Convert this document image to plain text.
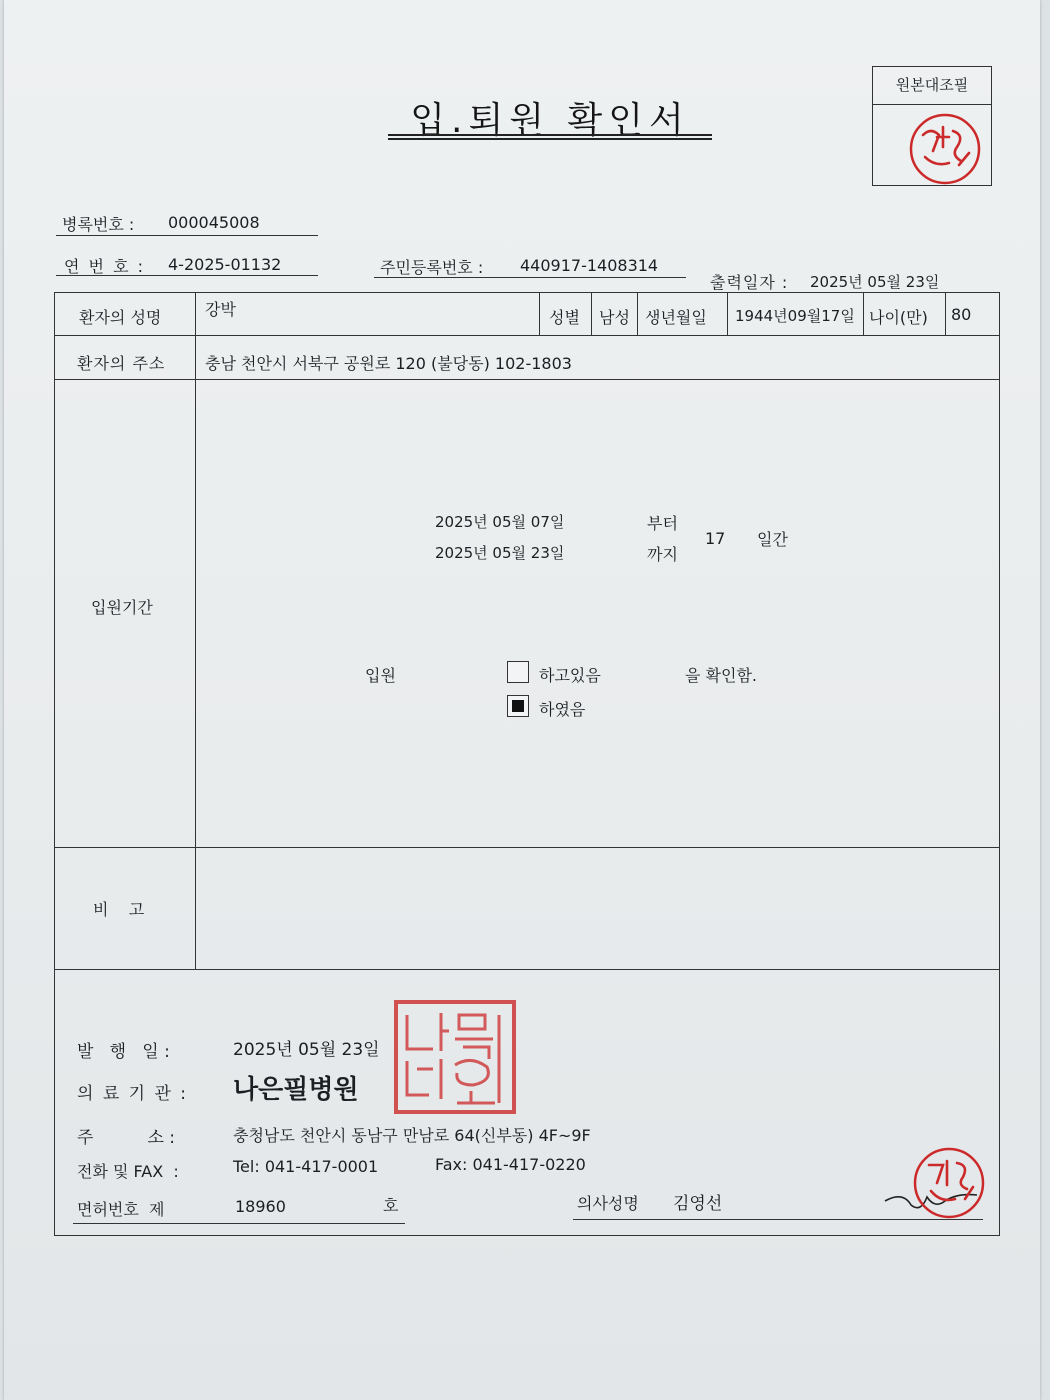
입.퇴원 확인서
원본대조필
병록번호 : 000045008
연 번 호 : 4-2025-01132	주민등록번호 : 440917-1408314
출력일자 : 2025년 05월 23일
환자의 성명	강박	성별 남성 생년월일 1944년09월17일 나이(만) 80
환자의 주소 충남 천안시 서북구 공원로 120 (불당동) 102-1803
입원기간
2025년 05월 07일	부터
2025년 05월 23일	까지
17 일간
입원	하고있음	을 확인함.
하였음
비    고
발   행   일 :	2025년 05월 23일
의 료 기 관 : 나은필병원
주          소 :	충청남도 천안시 동남구 만남로 64(신부동) 4F~9F
전화 및 FAX  :	Tel: 041-417-0001	Fax: 041-417-0220
면허번호  제	18960	호	의사성명 김영선
